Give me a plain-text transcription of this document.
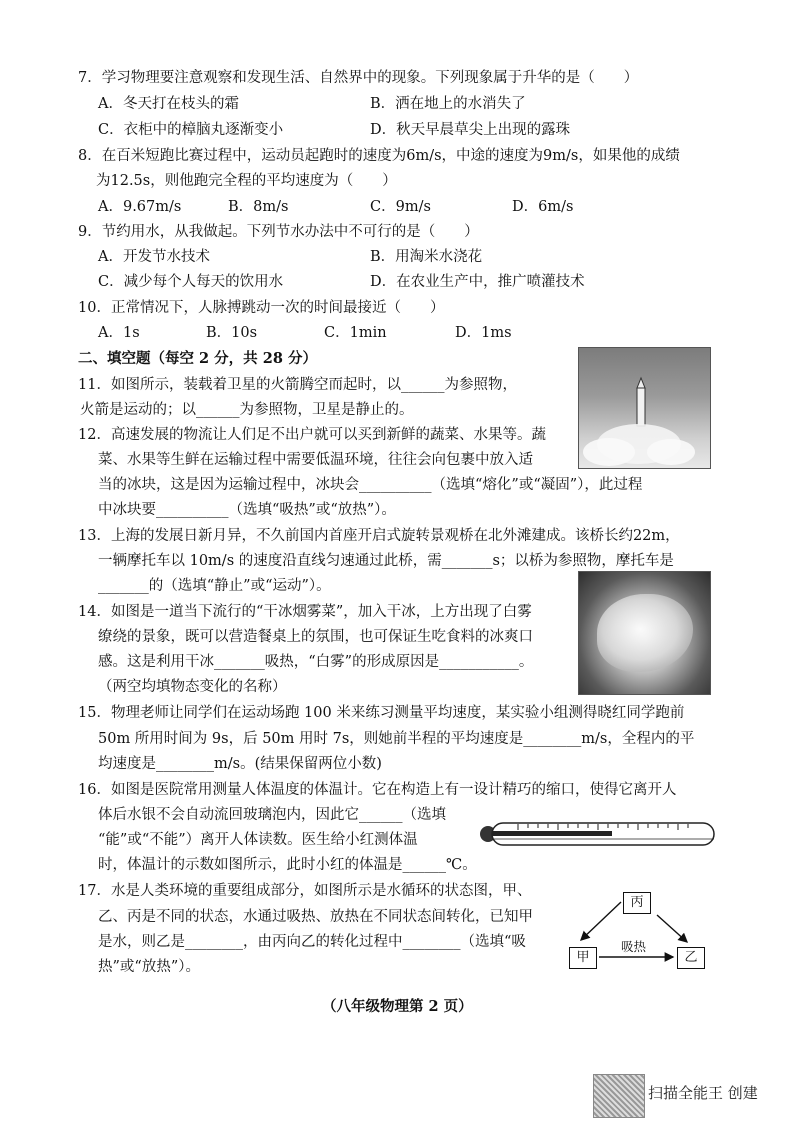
7．学习物理要注意观察和发现生活、自然界中的现象。下列现象属于升华的是（　　）
A．冬天打在枝头的霜	B．洒在地上的水消失了
C．衣柜中的樟脑丸逐渐变小	D．秋天早晨草尖上出现的露珠
8．在百米短跑比赛过程中，运动员起跑时的速度为6m/s，中途的速度为9m/s，如果他的成绩
为12.5s，则他跑完全程的平均速度为（　　）
A．9.67m/s	B．8m/s	C．9m/s	D．6m/s
9．节约用水，从我做起。下列节水办法中不可行的是（　　）
A．开发节水技术	B．用淘米水浇花
C．减少每个人每天的饮用水	D．在农业生产中，推广喷灌技术
10．正常情况下，人脉搏跳动一次的时间最接近（　　）
A．1s	B．10s	C．1min	D．1ms
二、填空题（每空 2 分，共 28 分）
11．如图所示，装载着卫星的火箭腾空而起时，以______为参照物，
火箭是运动的；以______为参照物，卫星是静止的。
12．高速发展的物流让人们足不出户就可以买到新鲜的蔬菜、水果等。蔬
菜、水果等生鲜在运输过程中需要低温环境，往往会向包裹中放入适
当的冰块，这是因为运输过程中，冰块会__________（选填“熔化”或“凝固”），此过程
中冰块要__________（选填“吸热”或“放热”）。
13．上海的发展日新月异，不久前国内首座开启式旋转景观桥在北外滩建成。该桥长约22m，
一辆摩托车以 10m/s 的速度沿直线匀速通过此桥，需_______s；以桥为参照物，摩托车是
_______的（选填“静止”或“运动”）。
14．如图是一道当下流行的“干冰烟雾菜”，加入干冰，上方出现了白雾
缭绕的景象，既可以营造餐桌上的氛围，也可保证生吃食料的冰爽口
感。这是利用干冰_______吸热，“白雾”的形成原因是___________。
（两空均填物态变化的名称）
15．物理老师让同学们在运动场跑 100 米来练习测量平均速度，某实验小组测得晓红同学跑前
50m 所用时间为 9s，后 50m 用时 7s，则她前半程的平均速度是________m/s，全程内的平
均速度是________m/s。(结果保留两位小数)
16．如图是医院常用测量人体温度的体温计。它在构造上有一设计精巧的缩口，使得它离开人
体后水银不会自动流回玻璃泡内，因此它______（选填
“能”或“不能”）离开人体读数。医生给小红测体温
时，体温计的示数如图所示，此时小红的体温是______℃。
17．水是人类环境的重要组成部分，如图所示是水循环的状态图，甲、
乙、丙是不同的状态，水通过吸热、放热在不同状态间转化，已知甲
是水，则乙是________，由丙向乙的转化过程中________（选填“吸
热”或“放热”）。
丙
甲	乙
吸热
（八年级物理第 2 页）
扫描全能王 创建
